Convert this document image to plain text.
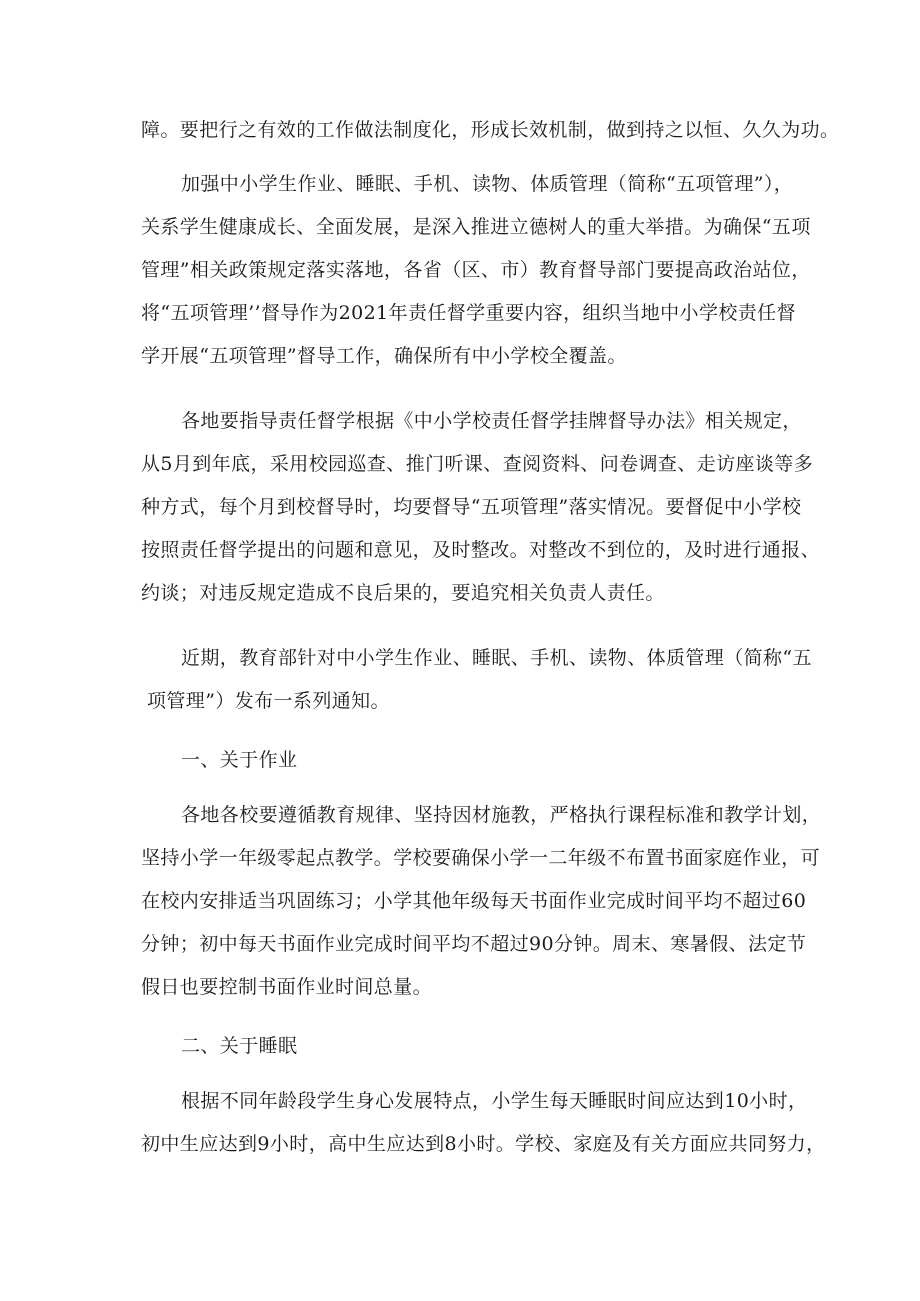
障。要把行之有效的工作做法制度化，形成长效机制，做到持之以恒、久久为功。
加强中小学生作业、睡眠、手机、读物、体质管理（简称“五项管理”），
关系学生健康成长、全面发展，是深入推进立德树人的重大举措。为确保“五项
管理”相关政策规定落实落地，各省（区、市）教育督导部门要提高政治站位，
将“五项管理’’督导作为2021年责任督学重要内容，组织当地中小学校责任督
学开展“五项管理”督导工作，确保所有中小学校全覆盖。
各地要指导责任督学根据《中小学校责任督学挂牌督导办法》相关规定，
从5月到年底，采用校园巡查、推门听课、查阅资料、问卷调查、走访座谈等多
种方式，每个月到校督导时，均要督导“五项管理”落实情况。要督促中小学校
按照责任督学提出的问题和意见，及时整改。对整改不到位的，及时进行通报、
约谈；对违反规定造成不良后果的，要追究相关负责人责任。
近期，教育部针对中小学生作业、睡眠、手机、读物、体质管理（简称“五
项管理”）发布一系列通知。
一、关于作业
各地各校要遵循教育规律、坚持因材施教，严格执行课程标准和教学计划，
坚持小学一年级零起点教学。学校要确保小学一二年级不布置书面家庭作业，可
在校内安排适当巩固练习；小学其他年级每天书面作业完成时间平均不超过60
分钟；初中每天书面作业完成时间平均不超过90分钟。周末、寒暑假、法定节
假日也要控制书面作业时间总量。
二、关于睡眠
根据不同年龄段学生身心发展特点，小学生每天睡眠时间应达到10小时，
初中生应达到9小时，高中生应达到8小时。学校、家庭及有关方面应共同努力，
